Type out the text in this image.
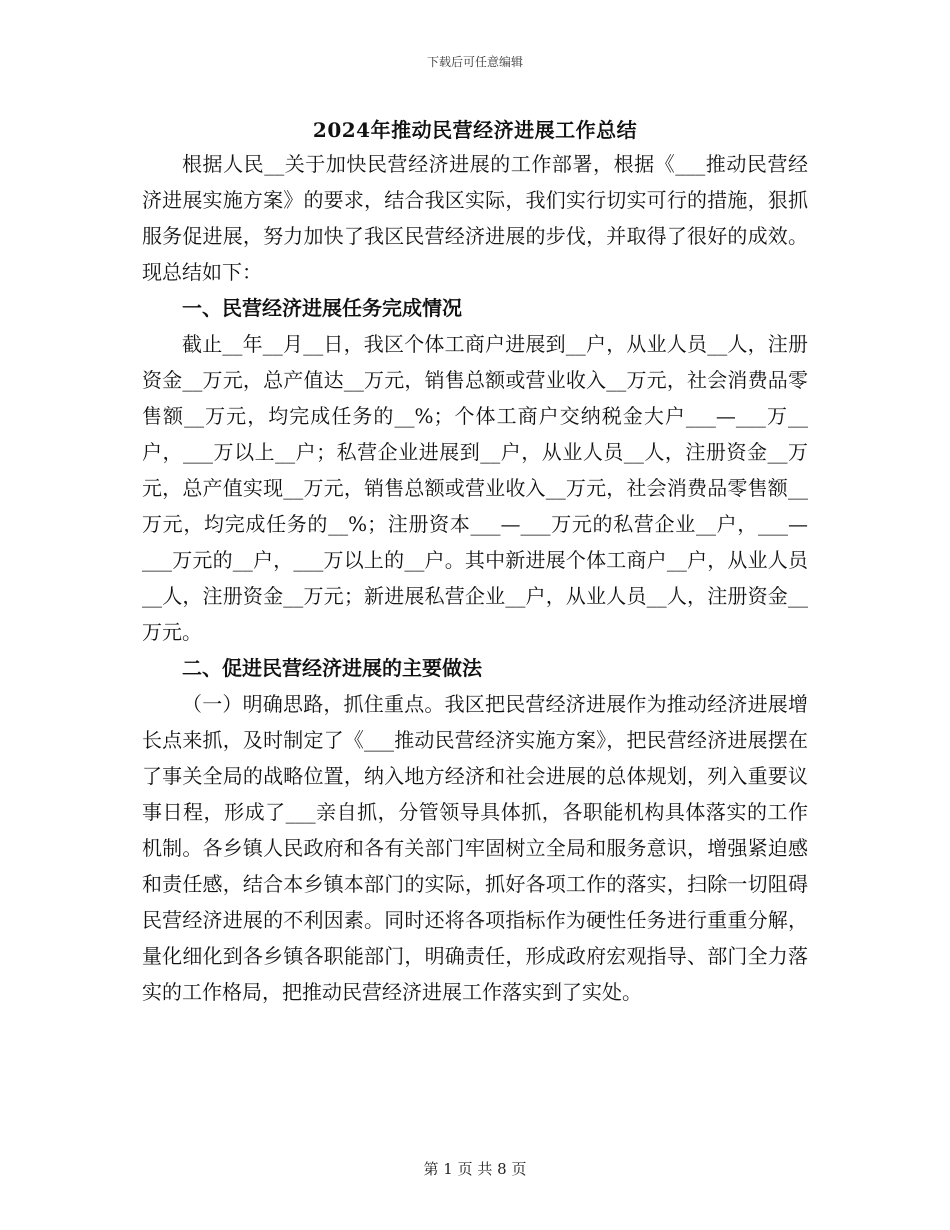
下载后可任意编辑
2024年推动民营经济进展工作总结

根据人民__关于加快民营经济进展的工作部署，根据《___推动民营经济进展实施方案》的要求，结合我区实际，我们实行切实可行的措施，狠抓服务促进展，努力加快了我区民营经济进展的步伐，并取得了很好的成效。现总结如下：

一、民营经济进展任务完成情况

截止__年__月__日，我区个体工商户进展到__户，从业人员__人，注册资金__万元，总产值达__万元，销售总额或营业收入__万元，社会消费品零售额__万元，均完成任务的__%；个体工商户交纳税金大户___—___万__户，___万以上__户；私营企业进展到__户，从业人员__人，注册资金__万元，总产值实现__万元，销售总额或营业收入__万元，社会消费品零售额__万元，均完成任务的__%；注册资本___—___万元的私营企业__户，___—___万元的__户，___万以上的__户。其中新进展个体工商户__户，从业人员__人，注册资金__万元；新进展私营企业__户，从业人员__人，注册资金__万元。

二、促进民营经济进展的主要做法

（一）明确思路，抓住重点。我区把民营经济进展作为推动经济进展增长点来抓，及时制定了《___推动民营经济实施方案》，把民营经济进展摆在了事关全局的战略位置，纳入地方经济和社会进展的总体规划，列入重要议事日程，形成了___亲自抓，分管领导具体抓，各职能机构具体落实的工作机制。各乡镇人民政府和各有关部门牢固树立全局和服务意识，增强紧迫感和责任感，结合本乡镇本部门的实际，抓好各项工作的落实，扫除一切阻碍民营经济进展的不利因素。同时还将各项指标作为硬性任务进行重重分解，量化细化到各乡镇各职能部门，明确责任，形成政府宏观指导、部门全力落实的工作格局，把推动民营经济进展工作落实到了实处。

第 1 页 共 8 页
